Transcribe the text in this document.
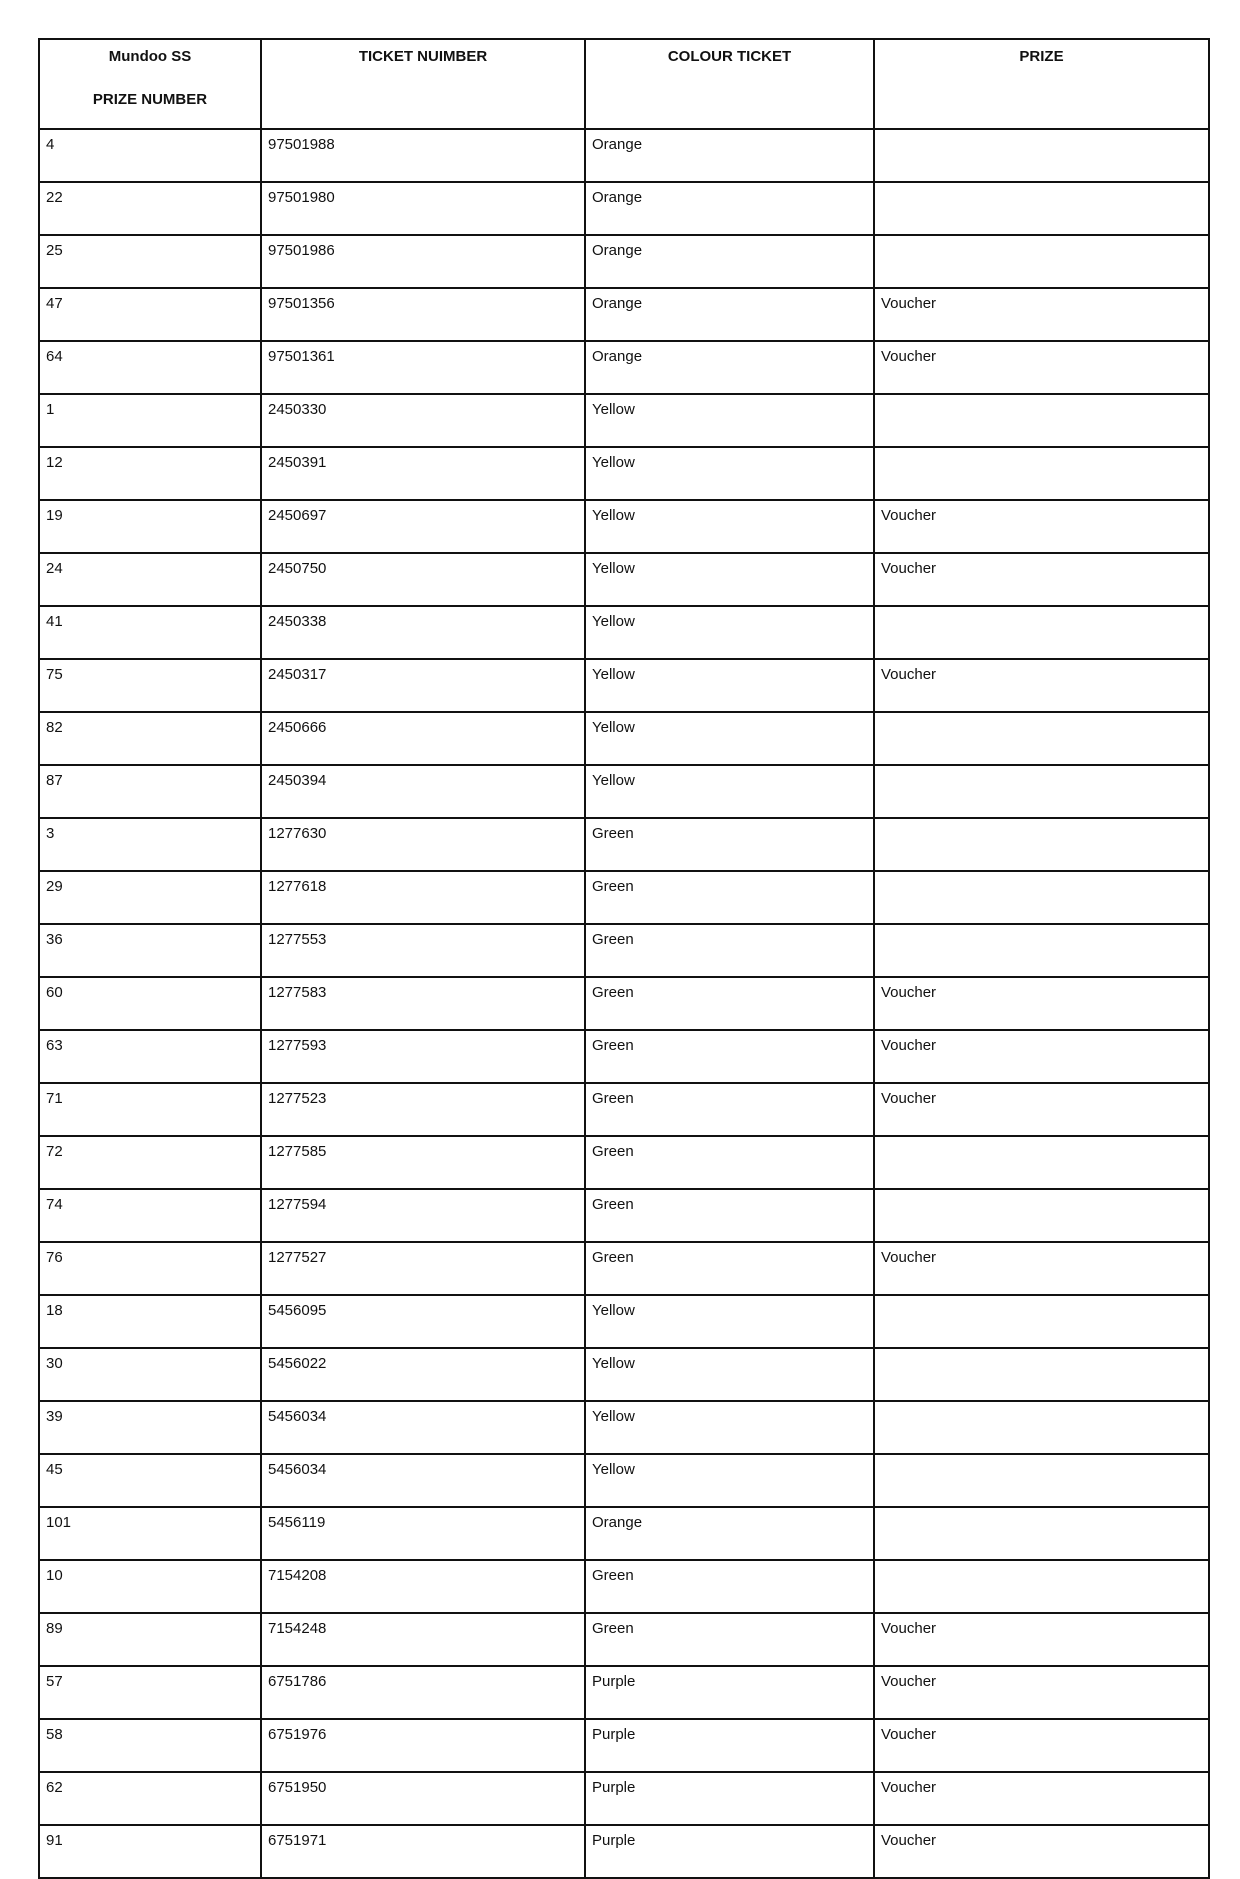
Mundoo SS
PRIZE NUMBER	TICKET NUIMBER	COLOUR TICKET	PRIZE
4	97501988	Orange	
22	97501980	Orange	
25	97501986	Orange	
47	97501356	Orange	Voucher
64	97501361	Orange	Voucher
1	2450330	Yellow	
12	2450391	Yellow	
19	2450697	Yellow	Voucher
24	2450750	Yellow	Voucher
41	2450338	Yellow	
75	2450317	Yellow	Voucher
82	2450666	Yellow	
87	2450394	Yellow	
3	1277630	Green	
29	1277618	Green	
36	1277553	Green	
60	1277583	Green	Voucher
63	1277593	Green	Voucher
71	1277523	Green	Voucher
72	1277585	Green	
74	1277594	Green	
76	1277527	Green	Voucher
18	5456095	Yellow	
30	5456022	Yellow	
39	5456034	Yellow	
45	5456034	Yellow	
101	5456119	Orange	
10	7154208	Green	
89	7154248	Green	Voucher
57	6751786	Purple	Voucher
58	6751976	Purple	Voucher
62	6751950	Purple	Voucher
91	6751971	Purple	Voucher
